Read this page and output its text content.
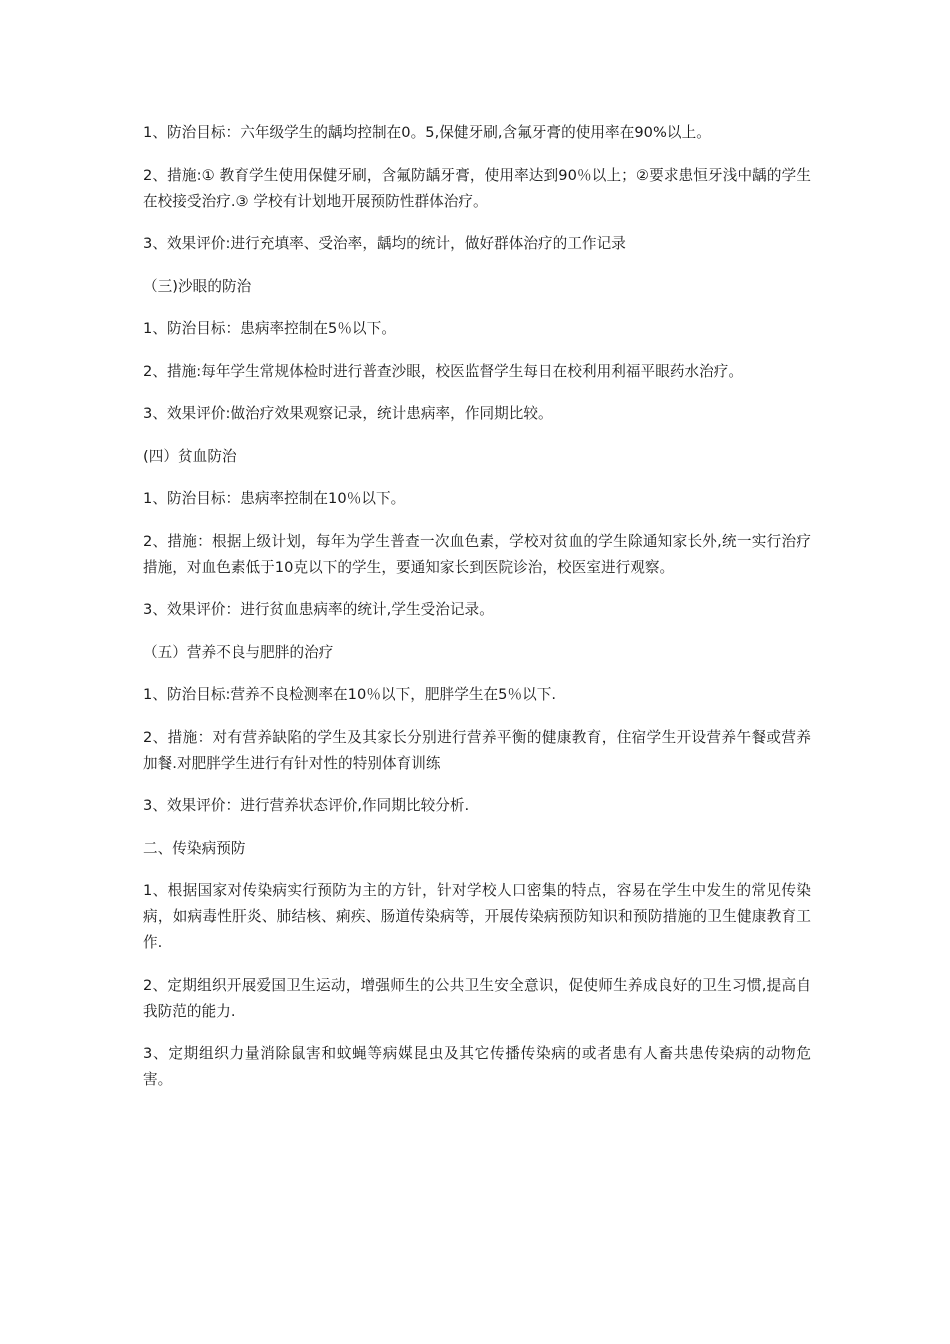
1、防治目标：六年级学生的龋均控制在0。5,保健牙刷,含氟牙膏的使用率在90%以上。

2、措施:① 教育学生使用保健牙刷，含氟防龋牙膏，使用率达到90％以上；②要求患恒牙浅中龋的学生在校接受治疗.③ 学校有计划地开展预防性群体治疗。

3、效果评价:进行充填率、受治率，龋均的统计，做好群体治疗的工作记录

（三)沙眼的防治

1、防治目标：患病率控制在5％以下。

2、措施:每年学生常规体检时进行普查沙眼，校医监督学生每日在校利用利福平眼药水治疗。

3、效果评价:做治疗效果观察记录，统计患病率，作同期比较。

(四）贫血防治

1、防治目标：患病率控制在10％以下。

2、措施：根据上级计划，每年为学生普查一次血色素，学校对贫血的学生除通知家长外,统一实行治疗措施，对血色素低于10克以下的学生，要通知家长到医院诊治，校医室进行观察。

3、效果评价：进行贫血患病率的统计,学生受治记录。

（五）营养不良与肥胖的治疗

1、防治目标:营养不良检测率在10％以下，肥胖学生在5％以下.

2、措施：对有营养缺陷的学生及其家长分别进行营养平衡的健康教育，住宿学生开设营养午餐或营养加餐.对肥胖学生进行有针对性的特别体育训练

3、效果评价：进行营养状态评价,作同期比较分析.

二、传染病预防

1、根据国家对传染病实行预防为主的方针，针对学校人口密集的特点，容易在学生中发生的常见传染病，如病毒性肝炎、肺结核、痢疾、肠道传染病等，开展传染病预防知识和预防措施的卫生健康教育工作.

2、定期组织开展爱国卫生运动，增强师生的公共卫生安全意识，促使师生养成良好的卫生习惯,提高自我防范的能力.

3、定期组织力量消除鼠害和蚊蝇等病媒昆虫及其它传播传染病的或者患有人畜共患传染病的动物危害。
